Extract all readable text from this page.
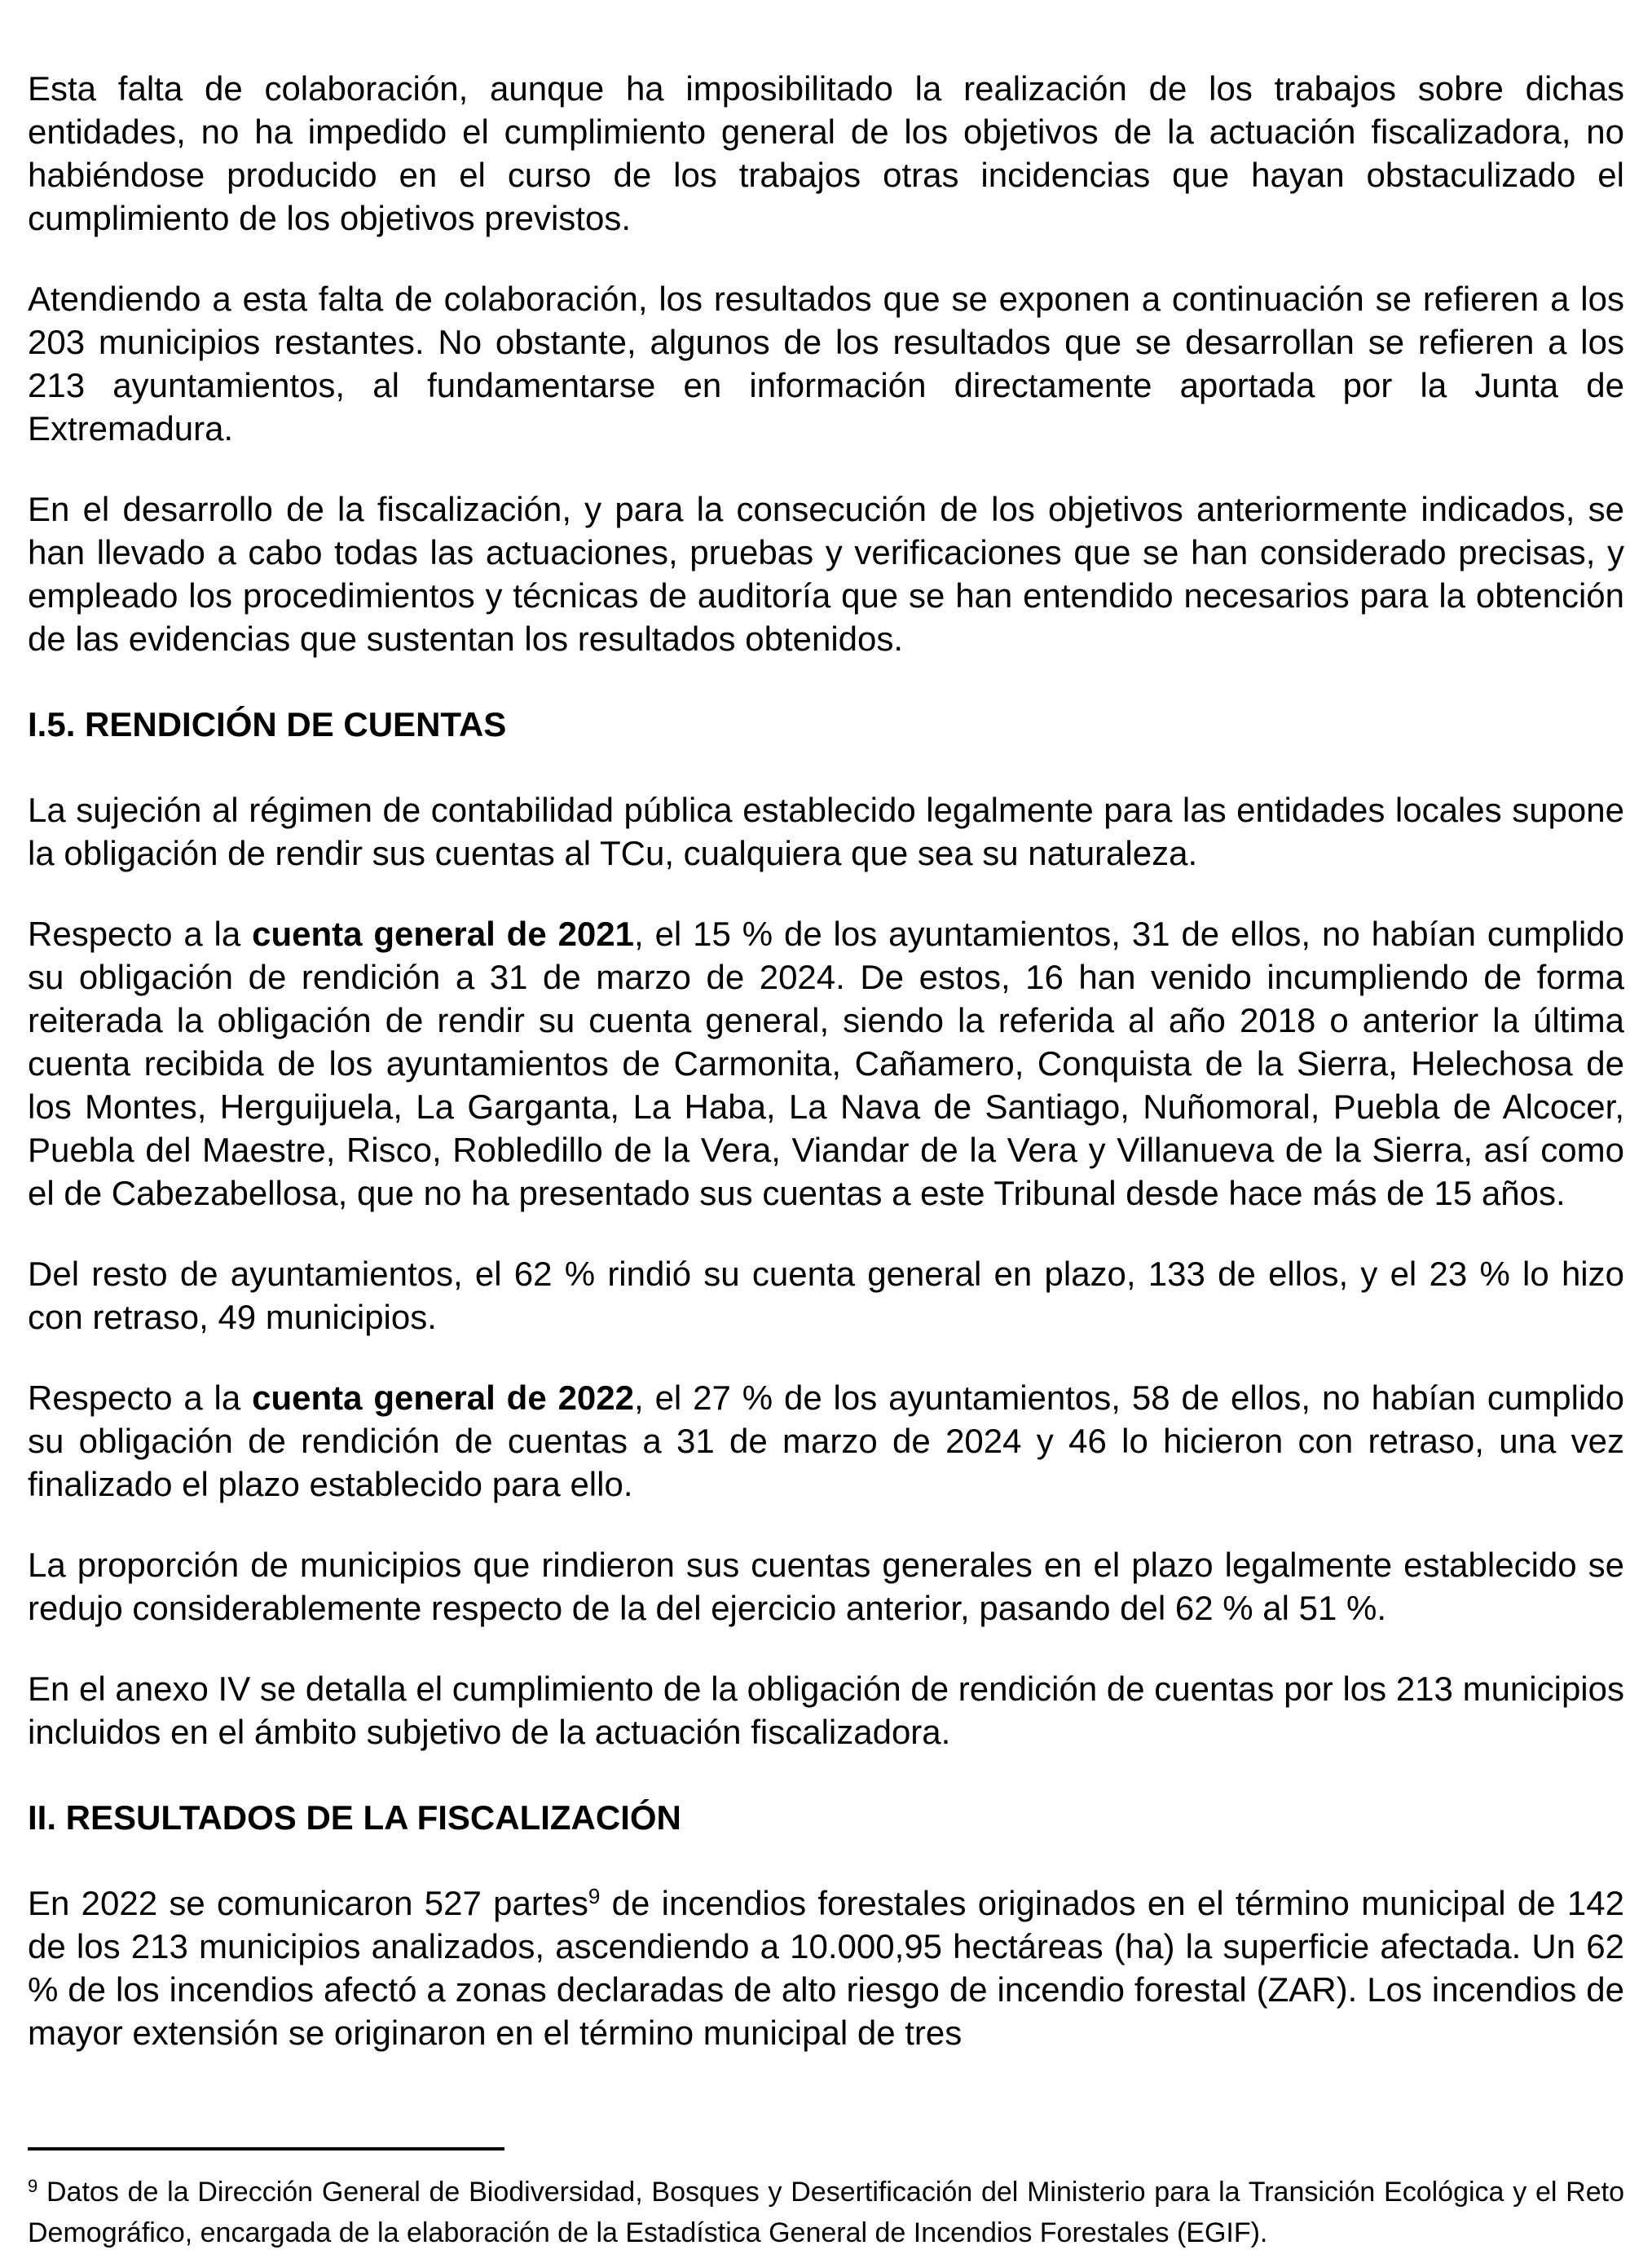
Esta falta de colaboración, aunque ha imposibilitado la realización de los trabajos sobre dichas entidades, no ha impedido el cumplimiento general de los objetivos de la actuación fiscalizadora, no habiéndose producido en el curso de los trabajos otras incidencias que hayan obstaculizado el cumplimiento de los objetivos previstos.

Atendiendo a esta falta de colaboración, los resultados que se exponen a continuación se refieren a los 203 municipios restantes. No obstante, algunos de los resultados que se desarrollan se refieren a los 213 ayuntamientos, al fundamentarse en información directamente aportada por la Junta de Extremadura.

En el desarrollo de la fiscalización, y para la consecución de los objetivos anteriormente indicados, se han llevado a cabo todas las actuaciones, pruebas y verificaciones que se han considerado precisas, y empleado los procedimientos y técnicas de auditoría que se han entendido necesarios para la obtención de las evidencias que sustentan los resultados obtenidos.

I.5. RENDICIÓN DE CUENTAS

La sujeción al régimen de contabilidad pública establecido legalmente para las entidades locales supone la obligación de rendir sus cuentas al TCu, cualquiera que sea su naturaleza.

Respecto a la cuenta general de 2021, el 15 % de los ayuntamientos, 31 de ellos, no habían cumplido su obligación de rendición a 31 de marzo de 2024. De estos, 16 han venido incumpliendo de forma reiterada la obligación de rendir su cuenta general, siendo la referida al año 2018 o anterior la última cuenta recibida de los ayuntamientos de Carmonita, Cañamero, Conquista de la Sierra, Helechosa de los Montes, Herguijuela, La Garganta, La Haba, La Nava de Santiago, Nuñomoral, Puebla de Alcocer, Puebla del Maestre, Risco, Robledillo de la Vera, Viandar de la Vera y Villanueva de la Sierra, así como el de Cabezabellosa, que no ha presentado sus cuentas a este Tribunal desde hace más de 15 años.

Del resto de ayuntamientos, el 62 % rindió su cuenta general en plazo, 133 de ellos, y el 23 % lo hizo con retraso, 49 municipios.

Respecto a la cuenta general de 2022, el 27 % de los ayuntamientos, 58 de ellos, no habían cumplido su obligación de rendición de cuentas a 31 de marzo de 2024 y 46 lo hicieron con retraso, una vez finalizado el plazo establecido para ello.

La proporción de municipios que rindieron sus cuentas generales en el plazo legalmente establecido se redujo considerablemente respecto de la del ejercicio anterior, pasando del 62 % al 51 %.

En el anexo IV se detalla el cumplimiento de la obligación de rendición de cuentas por los 213 municipios incluidos en el ámbito subjetivo de la actuación fiscalizadora.

II. RESULTADOS DE LA FISCALIZACIÓN

En 2022 se comunicaron 527 partes$^9$ de incendios forestales originados en el término municipal de 142 de los 213 municipios analizados, ascendiendo a 10.000,95 hectáreas (ha) la superficie afectada. Un 62 % de los incendios afectó a zonas declaradas de alto riesgo de incendio forestal (ZAR). Los incendios de mayor extensión se originaron en el término municipal de tres

$^9$ Datos de la Dirección General de Biodiversidad, Bosques y Desertificación del Ministerio para la Transición Ecológica y el Reto Demográfico, encargada de la elaboración de la Estadística General de Incendios Forestales (EGIF).
